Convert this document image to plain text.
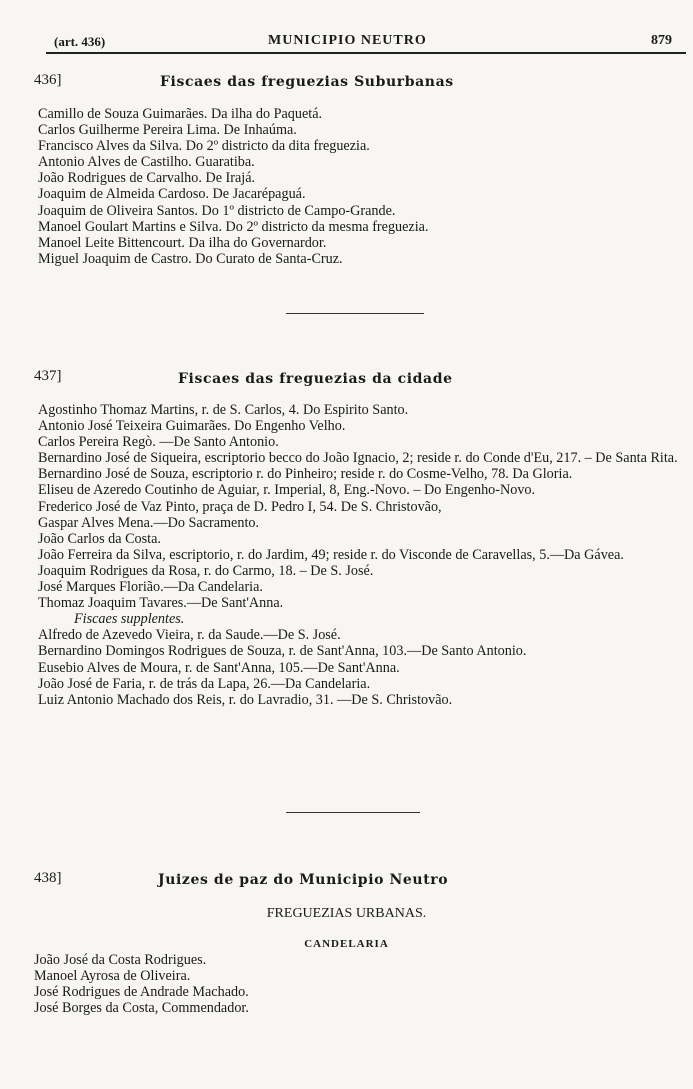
(art. 436)	MUNICIPIO NEUTRO	879
436]	Fiscaes das freguezias Suburbanas
Camillo de Souza Guimarães. Da ilha do Paquetá.
Carlos Guilherme Pereira Lima. De Inhaúma.
Francisco Alves da Silva. Do 2º districto da dita freguezia.
Antonio Alves de Castilho. Guaratiba.
João Rodrigues de Carvalho. De Irajá.
Joaquim de Almeida Cardoso. De Jacarépaguá.
Joaquim de Oliveira Santos. Do 1º districto de Campo-Grande.
Manoel Goulart Martins e Silva. Do 2º districto da mesma freguezia.
Manoel Leite Bittencourt. Da ilha do Governardor.
Miguel Joaquim de Castro. Do Curato de Santa-Cruz.
437]	Fiscaes das freguezias da cidade
Agostinho Thomaz Martins, r. de S. Carlos, 4. Do Espirito Santo.
Antonio José Teixeira Guimarães. Do Engenho Velho.
Carlos Pereira Regò. —De Santo Antonio.
Bernardino José de Siqueira, escriptorio becco do João Ignacio, 2; reside r. do Conde d'Eu, 217. – De Santa Rita.
Bernardino José de Souza, escriptorio r. do Pinheiro; reside r. do Cosme-Velho, 78. Da Gloria.
Eliseu de Azeredo Coutinho de Aguiar, r. Imperial, 8, Eng.-Novo. – Do Engenho-Novo.
Frederico José de Vaz Pinto, praça de D. Pedro I, 54. De S. Christovão,
Gaspar Alves Mena.—Do Sacramento.
João Carlos da Costa.
João Ferreira da Silva, escriptorio, r. do Jardim, 49; reside r. do Visconde de Caravellas, 5.—Da Gávea.
Joaquim Rodrigues da Rosa, r. do Carmo, 18. – De S. José.
José Marques Florião.—Da Candelaria.
Thomaz Joaquim Tavares.—De Sant'Anna.
Fiscaes supplentes.
Alfredo de Azevedo Vieira, r. da Saude.—De S. José.
Bernardino Domingos Rodrigues de Souza, r. de Sant'Anna, 103.—De Santo Antonio.
Eusebio Alves de Moura, r. de Sant'Anna, 105.—De Sant'Anna.
João José de Faria, r. de trás da Lapa, 26.—Da Candelaria.
Luiz Antonio Machado dos Reis, r. do Lavradio, 31. —De S. Christovão.
438]	Juizes de paz do Municipio Neutro
FREGUEZIAS URBANAS.
CANDELARIA
João José da Costa Rodrigues.
Manoel Ayrosa de Oliveira.
José Rodrigues de Andrade Machado.
José Borges da Costa, Commendador.
